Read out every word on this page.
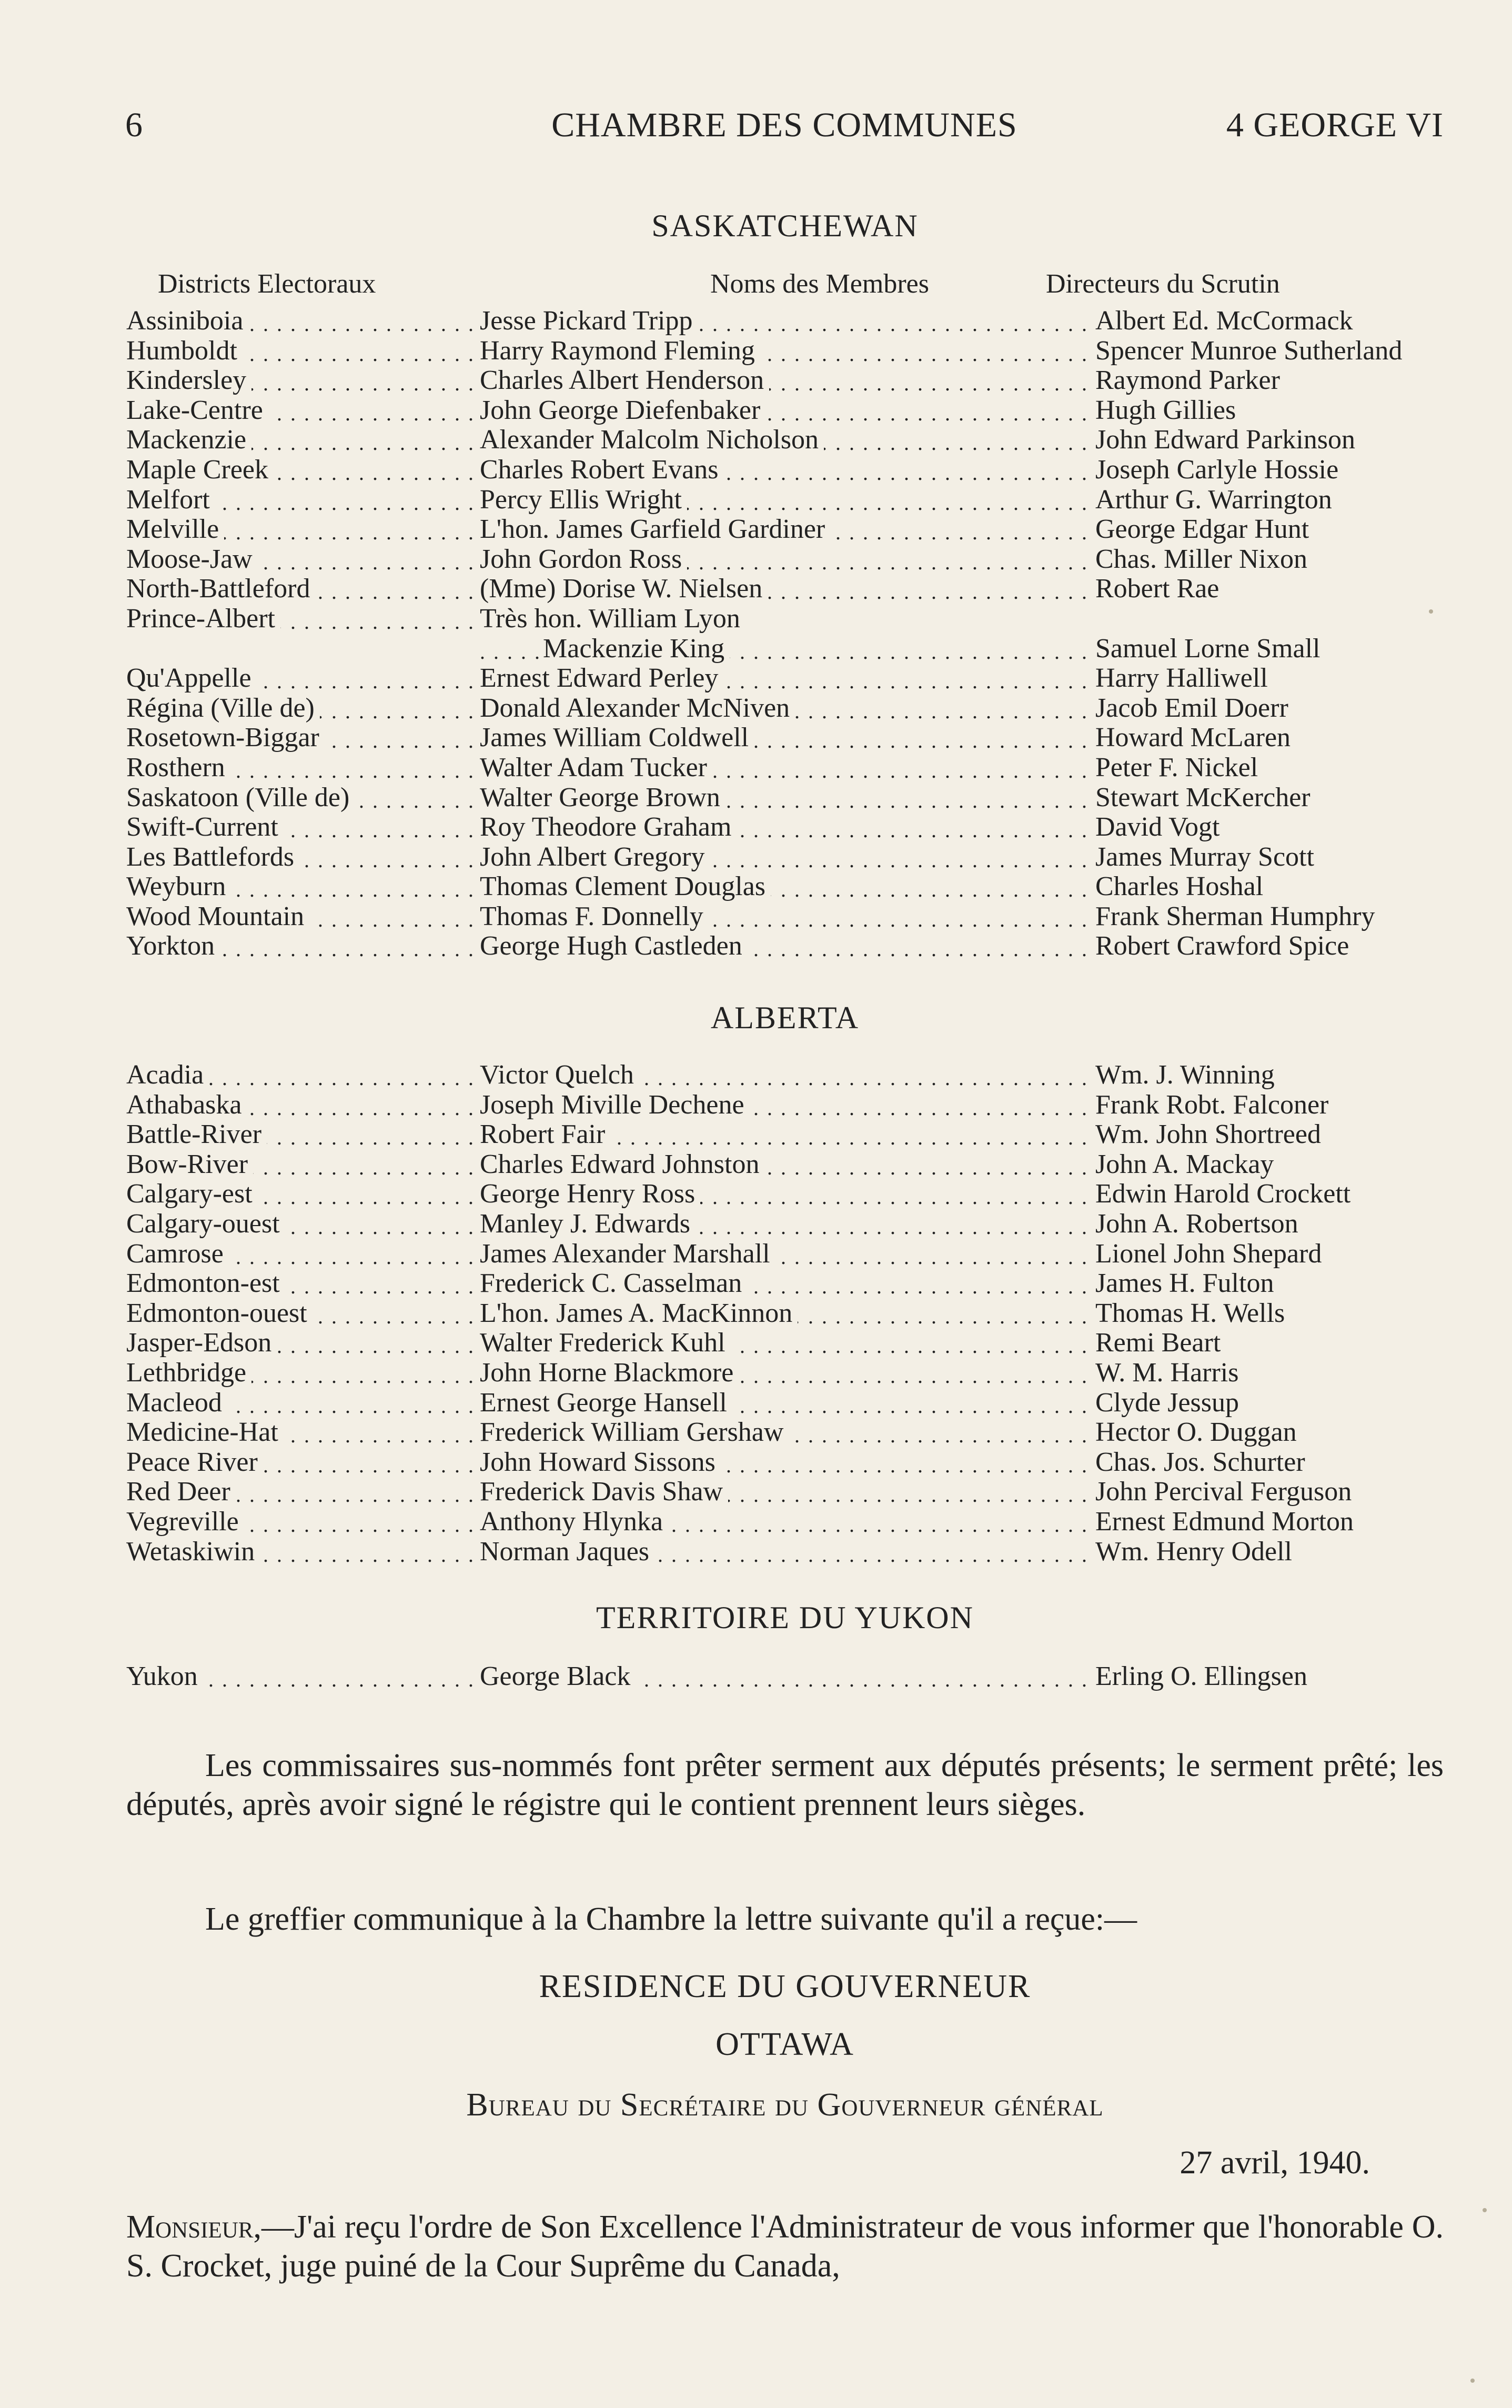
6	CHAMBRE DES COMMUNES	4 GEORGE VI
SASKATCHEWAN
Districts Electoraux	Noms des Membres	Directeurs du Scrutin
Assiniboia . . .	Jesse Pickard Tripp . . .	Albert Ed. McCormack
Humboldt . . .	Harry Raymond Fleming . . .	Spencer Munroe Sutherland
Kindersley . . .	Charles Albert Henderson . . .	Raymond Parker
Lake-Centre . . .	John George Diefenbaker . . .	Hugh Gillies
Mackenzie . . .	Alexander Malcolm Nicholson . . .	John Edward Parkinson
Maple Creek . . .	Charles Robert Evans . . .	Joseph Carlyle Hossie
Melfort . . .	Percy Ellis Wright . . .	Arthur G. Warrington
Melville . . .	L'hon. James Garfield Gardiner . . .	George Edgar Hunt
Moose-Jaw . . .	John Gordon Ross . . .	Chas. Miller Nixon
North-Battleford . . .	(Mme) Dorise W. Nielsen . . .	Robert Rae
Prince-Albert . . .	Très hon. William Lyon
Mackenzie King . . .	Samuel Lorne Small
Qu'Appelle . . .	Ernest Edward Perley . . .	Harry Halliwell
Régina (Ville de) . . .	Donald Alexander McNiven . . .	Jacob Emil Doerr
Rosetown-Biggar . . .	James William Coldwell . . .	Howard McLaren
Rosthern . . .	Walter Adam Tucker . . .	Peter F. Nickel
Saskatoon (Ville de) . . .	Walter George Brown . . .	Stewart McKercher
Swift-Current . . .	Roy Theodore Graham . . .	David Vogt
Les Battlefords . . .	John Albert Gregory . . .	James Murray Scott
Weyburn . . .	Thomas Clement Douglas . . .	Charles Hoshal
Wood Mountain . . .	Thomas F. Donnelly . . .	Frank Sherman Humphry
Yorkton . . .	George Hugh Castleden . . .	Robert Crawford Spice
ALBERTA
Acadia . . .	Victor Quelch . . .	Wm. J. Winning
Athabaska . . .	Joseph Miville Dechene . . .	Frank Robt. Falconer
Battle-River . . .	Robert Fair . . .	Wm. John Shortreed
Bow-River . . .	Charles Edward Johnston . . .	John A. Mackay
Calgary-est . . .	George Henry Ross . . .	Edwin Harold Crockett
Calgary-ouest . . .	Manley J. Edwards . . .	John A. Robertson
Camrose . . .	James Alexander Marshall . . .	Lionel John Shepard
Edmonton-est . . .	Frederick C. Casselman . . .	James H. Fulton
Edmonton-ouest . . .	L'hon. James A. MacKinnon . . .	Thomas H. Wells
Jasper-Edson . . .	Walter Frederick Kuhl . . .	Remi Beart
Lethbridge . . .	John Horne Blackmore . . .	W. M. Harris
Macleod . . .	Ernest George Hansell . . .	Clyde Jessup
Medicine-Hat . . .	Frederick William Gershaw . . .	Hector O. Duggan
Peace River . . .	John Howard Sissons . . .	Chas. Jos. Schurter
Red Deer . . .	Frederick Davis Shaw . . .	John Percival Ferguson
Vegreville . . .	Anthony Hlynka . . .	Ernest Edmund Morton
Wetaskiwin . . .	Norman Jaques . . .	Wm. Henry Odell
TERRITOIRE DU YUKON
Yukon . . .	George Black . . .	Erling O. Ellingsen
Les commissaires sus-nommés font prêter serment aux députés présents; le serment prêté; les députés, après avoir signé le régistre qui le contient prennent leurs sièges.
Le greffier communique à la Chambre la lettre suivante qu'il a reçue:—
RESIDENCE DU GOUVERNEUR
OTTAWA
Bureau du Secrétaire du Gouverneur général
27 avril, 1940.
Monsieur,—J'ai reçu l'ordre de Son Excellence l'Administrateur de vous informer que l'honorable O. S. Crocket, juge puiné de la Cour Suprême du Canada,
